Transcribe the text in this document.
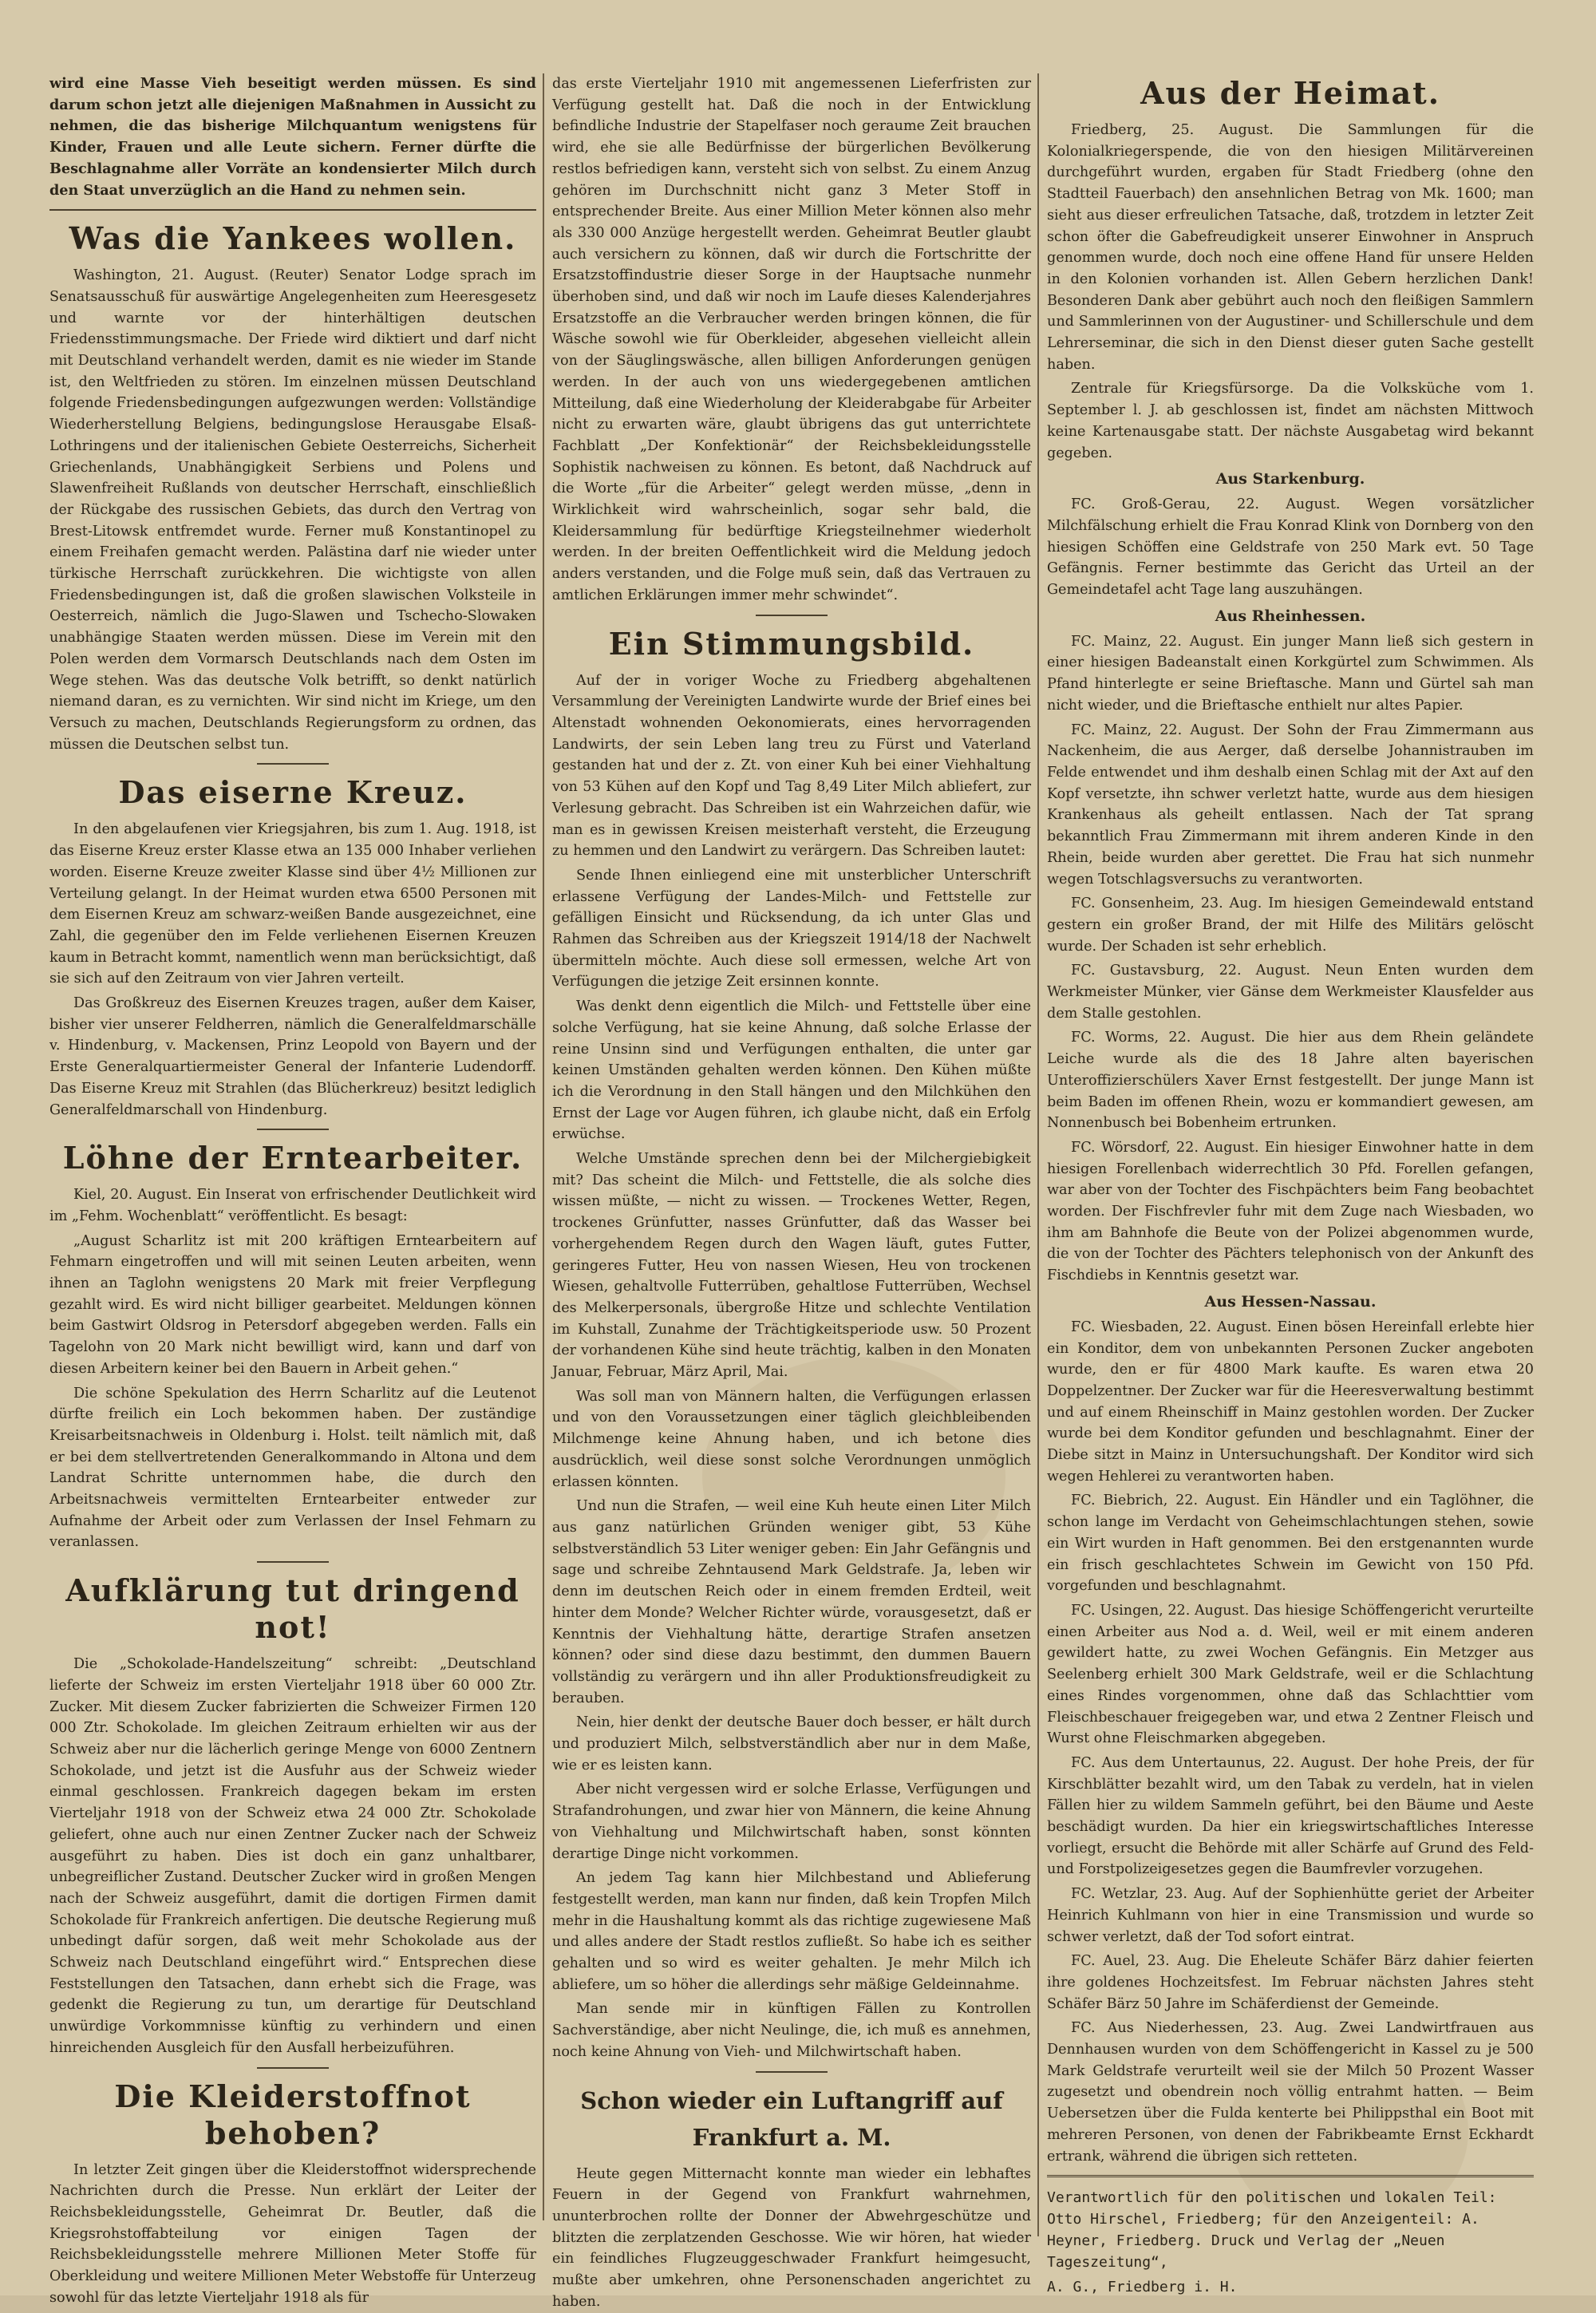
wird eine Masse Vieh beseitigt werden müssen. Es sind darum schon jetzt alle diejenigen Maßnahmen in Aussicht zu nehmen, die das bisherige Milchquantum wenigstens für Kinder, Frauen und alle Leute sichern. Ferner dürfte die Beschlagnahme aller Vorräte an kondensierter Milch durch den Staat unverzüglich an die Hand zu nehmen sein.

Was die Yankees wollen.

Washington, 21. August. (Reuter) Senator Lodge sprach im Senatsausschuß für auswärtige Angelegenheiten zum Heeresgesetz und warnte vor der hinterhältigen deutschen Friedensstimmungsmache. Der Friede wird diktiert und darf nicht mit Deutschland verhandelt werden, damit es nie wieder im Stande ist, den Weltfrieden zu stören. Im einzelnen müssen Deutschland folgende Friedensbedingungen aufgezwungen werden: Vollständige Wiederherstellung Belgiens, bedingungslose Herausgabe Elsaß-Lothringens und der italienischen Gebiete Oesterreichs, Sicherheit Griechenlands, Unabhängigkeit Serbiens und Polens und Slawenfreiheit Rußlands von deutscher Herrschaft, einschließlich der Rückgabe des russischen Gebiets, das durch den Vertrag von Brest-Litowsk entfremdet wurde. Ferner muß Konstantinopel zu einem Freihafen gemacht werden. Palästina darf nie wieder unter türkische Herrschaft zurückkehren. Die wichtigste von allen Friedensbedingungen ist, daß die großen slawischen Volksteile in Oesterreich, nämlich die Jugo-Slawen und Tschecho-Slowaken unabhängige Staaten werden müssen. Diese im Verein mit den Polen werden dem Vormarsch Deutschlands nach dem Osten im Wege stehen. Was das deutsche Volk betrifft, so denkt natürlich niemand daran, es zu vernichten. Wir sind nicht im Kriege, um den Versuch zu machen, Deutschlands Regierungsform zu ordnen, das müssen die Deutschen selbst tun.

Das eiserne Kreuz.

In den abgelaufenen vier Kriegsjahren, bis zum 1. Aug. 1918, ist das Eiserne Kreuz erster Klasse etwa an 135 000 Inhaber verliehen worden. Eiserne Kreuze zweiter Klasse sind über 4½ Millionen zur Verteilung gelangt. In der Heimat wurden etwa 6500 Personen mit dem Eisernen Kreuz am schwarz-weißen Bande ausgezeichnet, eine Zahl, die gegenüber den im Felde verliehenen Eisernen Kreuzen kaum in Betracht kommt, namentlich wenn man berücksichtigt, daß sie sich auf den Zeitraum von vier Jahren verteilt.

Das Großkreuz des Eisernen Kreuzes tragen, außer dem Kaiser, bisher vier unserer Feldherren, nämlich die Generalfeldmarschälle v. Hindenburg, v. Mackensen, Prinz Leopold von Bayern und der Erste Generalquartiermeister General der Infanterie Ludendorff. Das Eiserne Kreuz mit Strahlen (das Blücherkreuz) besitzt lediglich Generalfeldmarschall von Hindenburg.

Löhne der Erntearbeiter.

Kiel, 20. August. Ein Inserat von erfrischender Deutlichkeit wird im „Fehm. Wochenblatt“ veröffentlicht. Es besagt:

„August Scharlitz ist mit 200 kräftigen Erntearbeitern auf Fehmarn eingetroffen und will mit seinen Leuten arbeiten, wenn ihnen an Taglohn wenigstens 20 Mark mit freier Verpflegung gezahlt wird. Es wird nicht billiger gearbeitet. Meldungen können beim Gastwirt Oldsrog in Petersdorf abgegeben werden. Falls ein Tagelohn von 20 Mark nicht bewilligt wird, kann und darf von diesen Arbeitern keiner bei den Bauern in Arbeit gehen.“

Die schöne Spekulation des Herrn Scharlitz auf die Leutenot dürfte freilich ein Loch bekommen haben. Der zuständige Kreisarbeitsnachweis in Oldenburg i. Holst. teilt nämlich mit, daß er bei dem stellvertretenden Generalkommando in Altona und dem Landrat Schritte unternommen habe, die durch den Arbeitsnachweis vermittelten Erntearbeiter entweder zur Aufnahme der Arbeit oder zum Verlassen der Insel Fehmarn zu veranlassen.

Aufklärung tut dringend not!

Die „Schokolade-Handelszeitung“ schreibt: „Deutschland lieferte der Schweiz im ersten Vierteljahr 1918 über 60 000 Ztr. Zucker. Mit diesem Zucker fabrizierten die Schweizer Firmen 120 000 Ztr. Schokolade. Im gleichen Zeitraum erhielten wir aus der Schweiz aber nur die lächerlich geringe Menge von 6000 Zentnern Schokolade, und jetzt ist die Ausfuhr aus der Schweiz wieder einmal geschlossen. Frankreich dagegen bekam im ersten Vierteljahr 1918 von der Schweiz etwa 24 000 Ztr. Schokolade geliefert, ohne auch nur einen Zentner Zucker nach der Schweiz ausgeführt zu haben. Dies ist doch ein ganz unhaltbarer, unbegreiflicher Zustand. Deutscher Zucker wird in großen Mengen nach der Schweiz ausgeführt, damit die dortigen Firmen damit Schokolade für Frankreich anfertigen. Die deutsche Regierung muß unbedingt dafür sorgen, daß weit mehr Schokolade aus der Schweiz nach Deutschland eingeführt wird.“ Entsprechen diese Feststellungen den Tatsachen, dann erhebt sich die Frage, was gedenkt die Regierung zu tun, um derartige für Deutschland unwürdige Vorkommnisse künftig zu verhindern und einen hinreichenden Ausgleich für den Ausfall herbeizuführen.

Die Kleiderstoffnot behoben?

In letzter Zeit gingen über die Kleiderstoffnot widersprechende Nachrichten durch die Presse. Nun erklärt der Leiter der Reichsbekleidungsstelle, Geheimrat Dr. Beutler, daß die Kriegsrohstoffabteilung vor einigen Tagen der Reichsbekleidungsstelle mehrere Millionen Meter Stoffe für Oberkleidung und weitere Millionen Meter Webstoffe für Unterzeug sowohl für das letzte Vierteljahr 1918 als für

das erste Vierteljahr 1910 mit angemessenen Lieferfristen zur Verfügung gestellt hat. Daß die noch in der Entwicklung befindliche Industrie der Stapelfaser noch geraume Zeit brauchen wird, ehe sie alle Bedürfnisse der bürgerlichen Bevölkerung restlos befriedigen kann, versteht sich von selbst. Zu einem Anzug gehören im Durchschnitt nicht ganz 3 Meter Stoff in entsprechender Breite. Aus einer Million Meter können also mehr als 330 000 Anzüge hergestellt werden. Geheimrat Beutler glaubt auch versichern zu können, daß wir durch die Fortschritte der Ersatzstoffindustrie dieser Sorge in der Hauptsache nunmehr überhoben sind, und daß wir noch im Laufe dieses Kalenderjahres Ersatzstoffe an die Verbraucher werden bringen können, die für Wäsche sowohl wie für Oberkleider, abgesehen vielleicht allein von der Säuglingswäsche, allen billigen Anforderungen genügen werden. In der auch von uns wiedergegebenen amtlichen Mitteilung, daß eine Wiederholung der Kleiderabgabe für Arbeiter nicht zu erwarten wäre, glaubt übrigens das gut unterrichtete Fachblatt „Der Konfektionär“ der Reichsbekleidungsstelle Sophistik nachweisen zu können. Es betont, daß Nachdruck auf die Worte „für die Arbeiter“ gelegt werden müsse, „denn in Wirklichkeit wird wahrscheinlich, sogar sehr bald, die Kleidersammlung für bedürftige Kriegsteilnehmer wiederholt werden. In der breiten Oeffentlichkeit wird die Meldung jedoch anders verstanden, und die Folge muß sein, daß das Vertrauen zu amtlichen Erklärungen immer mehr schwindet“.

Ein Stimmungsbild.

Auf der in voriger Woche zu Friedberg abgehaltenen Versammlung der Vereinigten Landwirte wurde der Brief eines bei Altenstadt wohnenden Oekonomierats, eines hervorragenden Landwirts, der sein Leben lang treu zu Fürst und Vaterland gestanden hat und der z. Zt. von einer Kuh bei einer Viehhaltung von 53 Kühen auf den Kopf und Tag 8,49 Liter Milch abliefert, zur Verlesung gebracht. Das Schreiben ist ein Wahrzeichen dafür, wie man es in gewissen Kreisen meisterhaft versteht, die Erzeugung zu hemmen und den Landwirt zu verärgern. Das Schreiben lautet:

Sende Ihnen einliegend eine mit unsterblicher Unterschrift erlassene Verfügung der Landes-Milch- und Fettstelle zur gefälligen Einsicht und Rücksendung, da ich unter Glas und Rahmen das Schreiben aus der Kriegszeit 1914/18 der Nachwelt übermitteln möchte. Auch diese soll ermessen, welche Art von Verfügungen die jetzige Zeit ersinnen konnte.

Was denkt denn eigentlich die Milch- und Fettstelle über eine solche Verfügung, hat sie keine Ahnung, daß solche Erlasse der reine Unsinn sind und Verfügungen enthalten, die unter gar keinen Umständen gehalten werden können. Den Kühen müßte ich die Verordnung in den Stall hängen und den Milchkühen den Ernst der Lage vor Augen führen, ich glaube nicht, daß ein Erfolg erwüchse.

Welche Umstände sprechen denn bei der Milchergiebigkeit mit? Das scheint die Milch- und Fettstelle, die als solche dies wissen müßte, — nicht zu wissen. — Trockenes Wetter, Regen, trockenes Grünfutter, nasses Grünfutter, daß das Wasser bei vorhergehendem Regen durch den Wagen läuft, gutes Futter, geringeres Futter, Heu von nassen Wiesen, Heu von trockenen Wiesen, gehaltvolle Futterrüben, gehaltlose Futterrüben, Wechsel des Melkerpersonals, übergroße Hitze und schlechte Ventilation im Kuhstall, Zunahme der Trächtigkeitsperiode usw. 50 Prozent der vorhandenen Kühe sind heute trächtig, kalben in den Monaten Januar, Februar, März April, Mai.

Was soll man von Männern halten, die Verfügungen erlassen und von den Voraussetzungen einer täglich gleichbleibenden Milchmenge keine Ahnung haben, und ich betone dies ausdrücklich, weil diese sonst solche Verordnungen unmöglich erlassen könnten.

Und nun die Strafen, — weil eine Kuh heute einen Liter Milch aus ganz natürlichen Gründen weniger gibt, 53 Kühe selbstverständlich 53 Liter weniger geben: Ein Jahr Gefängnis und sage und schreibe Zehntausend Mark Geldstrafe. Ja, leben wir denn im deutschen Reich oder in einem fremden Erdteil, weit hinter dem Monde? Welcher Richter würde, vorausgesetzt, daß er Kenntnis der Viehhaltung hätte, derartige Strafen ansetzen können? oder sind diese dazu bestimmt, den dummen Bauern vollständig zu verärgern und ihn aller Produktionsfreudigkeit zu berauben.

Nein, hier denkt der deutsche Bauer doch besser, er hält durch und produziert Milch, selbstverständlich aber nur in dem Maße, wie er es leisten kann.

Aber nicht vergessen wird er solche Erlasse, Verfügungen und Strafandrohungen, und zwar hier von Männern, die keine Ahnung von Viehhaltung und Milchwirtschaft haben, sonst könnten derartige Dinge nicht vorkommen.

An jedem Tag kann hier Milchbestand und Ablieferung festgestellt werden, man kann nur finden, daß kein Tropfen Milch mehr in die Haushaltung kommt als das richtige zugewiesene Maß und alles andere der Stadt restlos zufließt. So habe ich es seither gehalten und so wird es weiter gehalten. Je mehr Milch ich abliefere, um so höher die allerdings sehr mäßige Geldeinnahme.

Man sende mir in künftigen Fällen zu Kontrollen Sachverständige, aber nicht Neulinge, die, ich muß es annehmen, noch keine Ahnung von Vieh- und Milchwirtschaft haben.

Schon wieder ein Luftangriff auf Frankfurt a. M.

Heute gegen Mitternacht konnte man wieder ein lebhaftes Feuern in der Gegend von Frankfurt wahrnehmen, ununterbrochen rollte der Donner der Abwehrgeschütze und blitzten die zerplatzenden Geschosse. Wie wir hören, hat wieder ein feindliches Flugzeuggeschwader Frankfurt heimgesucht, mußte aber umkehren, ohne Personenschaden angerichtet zu haben.

Aus der Heimat.

Friedberg, 25. August. Die Sammlungen für die Kolonialkriegerspende, die von den hiesigen Militärvereinen durchgeführt wurden, ergaben für Stadt Friedberg (ohne den Stadtteil Fauerbach) den ansehnlichen Betrag von Mk. 1600; man sieht aus dieser erfreulichen Tatsache, daß, trotzdem in letzter Zeit schon öfter die Gabefreudigkeit unserer Einwohner in Anspruch genommen wurde, doch noch eine offene Hand für unsere Helden in den Kolonien vorhanden ist. Allen Gebern herzlichen Dank! Besonderen Dank aber gebührt auch noch den fleißigen Sammlern und Sammlerinnen von der Augustiner- und Schillerschule und dem Lehrerseminar, die sich in den Dienst dieser guten Sache gestellt haben.

Zentrale für Kriegsfürsorge. Da die Volksküche vom 1. September l. J. ab geschlossen ist, findet am nächsten Mittwoch keine Kartenausgabe statt. Der nächste Ausgabetag wird bekannt gegeben.

Aus Starkenburg.

FC. Groß-Gerau, 22. August. Wegen vorsätzlicher Milchfälschung erhielt die Frau Konrad Klink von Dornberg von den hiesigen Schöffen eine Geldstrafe von 250 Mark evt. 50 Tage Gefängnis. Ferner bestimmte das Gericht das Urteil an der Gemeindetafel acht Tage lang auszuhängen.

Aus Rheinhessen.

FC. Mainz, 22. August. Ein junger Mann ließ sich gestern in einer hiesigen Badeanstalt einen Korkgürtel zum Schwimmen. Als Pfand hinterlegte er seine Brieftasche. Mann und Gürtel sah man nicht wieder, und die Brieftasche enthielt nur altes Papier.

FC. Mainz, 22. August. Der Sohn der Frau Zimmermann aus Nackenheim, die aus Aerger, daß derselbe Johannistrauben im Felde entwendet und ihm deshalb einen Schlag mit der Axt auf den Kopf versetzte, ihn schwer verletzt hatte, wurde aus dem hiesigen Krankenhaus als geheilt entlassen. Nach der Tat sprang bekanntlich Frau Zimmermann mit ihrem anderen Kinde in den Rhein, beide wurden aber gerettet. Die Frau hat sich nunmehr wegen Totschlagsversuchs zu verantworten.

FC. Gonsenheim, 23. Aug. Im hiesigen Gemeindewald entstand gestern ein großer Brand, der mit Hilfe des Militärs gelöscht wurde. Der Schaden ist sehr erheblich.

FC. Gustavsburg, 22. August. Neun Enten wurden dem Werkmeister Münker, vier Gänse dem Werkmeister Klausfelder aus dem Stalle gestohlen.

FC. Worms, 22. August. Die hier aus dem Rhein geländete Leiche wurde als die des 18 Jahre alten bayerischen Unteroffizierschülers Xaver Ernst festgestellt. Der junge Mann ist beim Baden im offenen Rhein, wozu er kommandiert gewesen, am Nonnenbusch bei Bobenheim ertrunken.

FC. Wörsdorf, 22. August. Ein hiesiger Einwohner hatte in dem hiesigen Forellenbach widerrechtlich 30 Pfd. Forellen gefangen, war aber von der Tochter des Fischpächters beim Fang beobachtet worden. Der Fischfrevler fuhr mit dem Zuge nach Wiesbaden, wo ihm am Bahnhofe die Beute von der Polizei abgenommen wurde, die von der Tochter des Pächters telephonisch von der Ankunft des Fischdiebs in Kenntnis gesetzt war.

Aus Hessen-Nassau.

FC. Wiesbaden, 22. August. Einen bösen Hereinfall erlebte hier ein Konditor, dem von unbekannten Personen Zucker angeboten wurde, den er für 4800 Mark kaufte. Es waren etwa 20 Doppelzentner. Der Zucker war für die Heeresverwaltung bestimmt und auf einem Rheinschiff in Mainz gestohlen worden. Der Zucker wurde bei dem Konditor gefunden und beschlagnahmt. Einer der Diebe sitzt in Mainz in Untersuchungshaft. Der Konditor wird sich wegen Hehlerei zu verantworten haben.

FC. Biebrich, 22. August. Ein Händler und ein Taglöhner, die schon lange im Verdacht von Geheimschlachtungen stehen, sowie ein Wirt wurden in Haft genommen. Bei den erstgenannten wurde ein frisch geschlachtetes Schwein im Gewicht von 150 Pfd. vorgefunden und beschlagnahmt.

FC. Usingen, 22. August. Das hiesige Schöffengericht verurteilte einen Arbeiter aus Nod a. d. Weil, weil er mit einem anderen gewildert hatte, zu zwei Wochen Gefängnis. Ein Metzger aus Seelenberg erhielt 300 Mark Geldstrafe, weil er die Schlachtung eines Rindes vorgenommen, ohne daß das Schlachttier vom Fleischbeschauer freigegeben war, und etwa 2 Zentner Fleisch und Wurst ohne Fleischmarken abgegeben.

FC. Aus dem Untertaunus, 22. August. Der hohe Preis, der für Kirschblätter bezahlt wird, um den Tabak zu verdeln, hat in vielen Fällen hier zu wildem Sammeln geführt, bei den Bäume und Aeste beschädigt wurden. Da hier ein kriegswirtschaftliches Interesse vorliegt, ersucht die Behörde mit aller Schärfe auf Grund des Feld- und Forstpolizeigesetzes gegen die Baumfrevler vorzugehen.

FC. Wetzlar, 23. Aug. Auf der Sophienhütte geriet der Arbeiter Heinrich Kuhlmann von hier in eine Transmission und wurde so schwer verletzt, daß der Tod sofort eintrat.

FC. Auel, 23. Aug. Die Eheleute Schäfer Bärz dahier feierten ihre goldenes Hochzeitsfest. Im Februar nächsten Jahres steht Schäfer Bärz 50 Jahre im Schäferdienst der Gemeinde.

FC. Aus Niederhessen, 23. Aug. Zwei Landwirtfrauen aus Dennhausen wurden von dem Schöffengericht in Kassel zu je 500 Mark Geldstrafe verurteilt weil sie der Milch 50 Prozent Wasser zugesetzt und obendrein noch völlig entrahmt hatten. — Beim Uebersetzen über die Fulda kenterte bei Philippsthal ein Boot mit mehreren Personen, von denen der Fabrikbeamte Ernst Eckhardt ertrank, während die übrigen sich retteten.

Verantwortlich für den politischen und lokalen Teil: Otto Hirschel, Friedberg; für den Anzeigenteil: A. Heyner, Friedberg. Druck und Verlag der „Neuen Tageszeitung“,

A. G., Friedberg i. H.
